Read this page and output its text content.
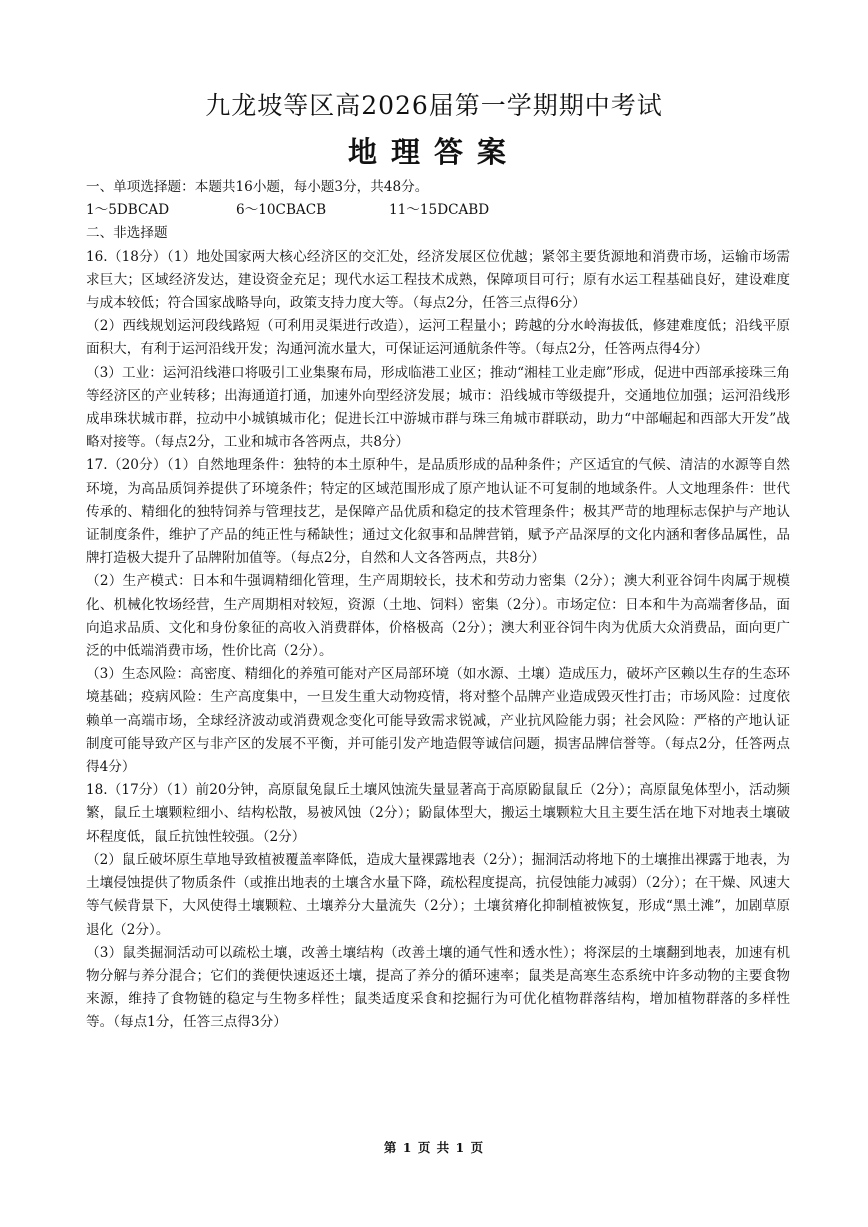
九龙坡等区高2026届第一学期期中考试
地理答案

一、单项选择题：本题共16小题，每小题3分，共48分。

1～5DBCAD	6～10CBACB	11～15DCABD

二、非选择题

16.（18分）（1）地处国家两大核心经济区的交汇处，经济发展区位优越；紧邻主要货源地和消费市场，运输市场需求巨大；区域经济发达，建设资金充足；现代水运工程技术成熟，保障项目可行；原有水运工程基础良好，建设难度与成本较低；符合国家战略导向，政策支持力度大等。（每点2分，任答三点得6分）

（2）西线规划运河段线路短（可利用灵渠进行改造），运河工程量小；跨越的分水岭海拔低，修建难度低；沿线平原面积大，有利于运河沿线开发；沟通河流水量大，可保证运河通航条件等。（每点2分，任答两点得4分）

（3）工业：运河沿线港口将吸引工业集聚布局，形成临港工业区；推动“湘桂工业走廊”形成，促进中西部承接珠三角等经济区的产业转移；出海通道打通，加速外向型经济发展；城市：沿线城市等级提升，交通地位加强；运河沿线形成串珠状城市群，拉动中小城镇城市化；促进长江中游城市群与珠三角城市群联动，助力“中部崛起和西部大开发”战略对接等。（每点2分，工业和城市各答两点，共8分）

17.（20分）（1）自然地理条件：独特的本土原种牛，是品质形成的品种条件；产区适宜的气候、清洁的水源等自然环境，为高品质饲养提供了环境条件；特定的区域范围形成了原产地认证不可复制的地域条件。人文地理条件：世代传承的、精细化的独特饲养与管理技艺，是保障产品优质和稳定的技术管理条件；极其严苛的地理标志保护与产地认证制度条件，维护了产品的纯正性与稀缺性；通过文化叙事和品牌营销，赋予产品深厚的文化内涵和奢侈品属性，品牌打造极大提升了品牌附加值等。（每点2分，自然和人文各答两点，共8分）

（2）生产模式：日本和牛强调精细化管理，生产周期较长，技术和劳动力密集（2分）；澳大利亚谷饲牛肉属于规模化、机械化牧场经营，生产周期相对较短，资源（土地、饲料）密集（2分）。市场定位：日本和牛为高端奢侈品，面向追求品质、文化和身份象征的高收入消费群体，价格极高（2分）；澳大利亚谷饲牛肉为优质大众消费品，面向更广泛的中低端消费市场，性价比高（2分）。

（3）生态风险：高密度、精细化的养殖可能对产区局部环境（如水源、土壤）造成压力，破坏产区赖以生存的生态环境基础；疫病风险：生产高度集中，一旦发生重大动物疫情，将对整个品牌产业造成毁灭性打击；市场风险：过度依赖单一高端市场，全球经济波动或消费观念变化可能导致需求锐减，产业抗风险能力弱；社会风险：严格的产地认证制度可能导致产区与非产区的发展不平衡，并可能引发产地造假等诚信问题，损害品牌信誉等。（每点2分，任答两点得4分）

18.（17分）（1）前20分钟，高原鼠兔鼠丘土壤风蚀流失量显著高于高原鼢鼠鼠丘（2分）；高原鼠兔体型小，活动频繁，鼠丘土壤颗粒细小、结构松散，易被风蚀（2分）；鼢鼠体型大，搬运土壤颗粒大且主要生活在地下对地表土壤破坏程度低，鼠丘抗蚀性较强。（2分）

（2）鼠丘破坏原生草地导致植被覆盖率降低，造成大量裸露地表（2分）；掘洞活动将地下的土壤推出裸露于地表，为土壤侵蚀提供了物质条件（或推出地表的土壤含水量下降，疏松程度提高，抗侵蚀能力减弱）（2分）；在干燥、风速大等气候背景下，大风使得土壤颗粒、土壤养分大量流失（2分）；土壤贫瘠化抑制植被恢复，形成“黑土滩”，加剧草原退化（2分）。

（3）鼠类掘洞活动可以疏松土壤，改善土壤结构（改善土壤的通气性和透水性）；将深层的土壤翻到地表，加速有机物分解与养分混合；它们的粪便快速返还土壤，提高了养分的循环速率；鼠类是高寒生态系统中许多动物的主要食物来源，维持了食物链的稳定与生物多样性；鼠类适度采食和挖掘行为可优化植物群落结构，增加植物群落的多样性等。（每点1分，任答三点得3分）

第 1 页 共 1 页
